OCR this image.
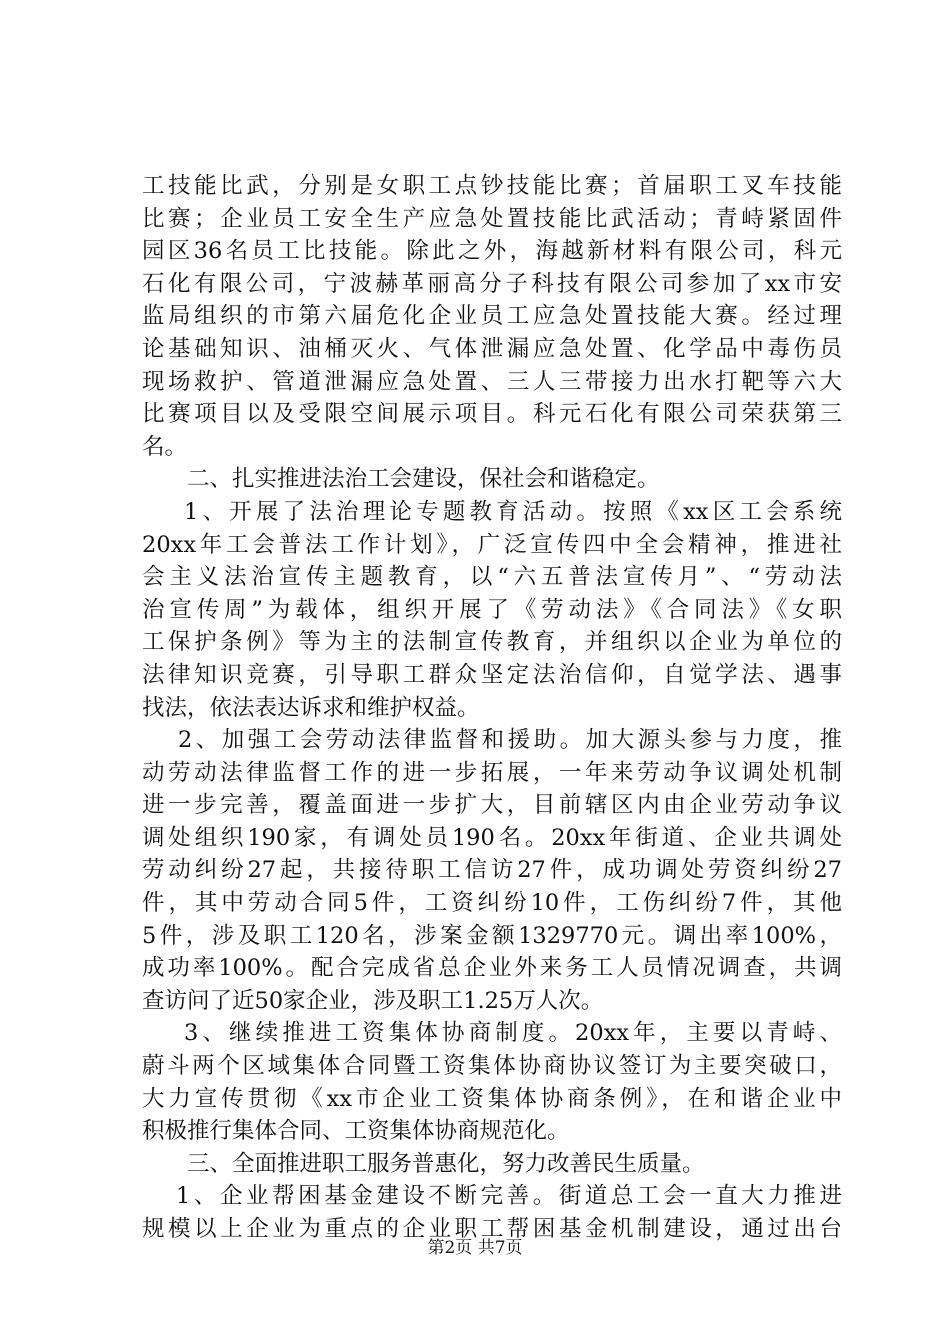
工技能比武，分别是女职工点钞技能比赛；首届职工叉车技能
比赛；企业员工安全生产应急处置技能比武活动；青峙紧固件
园区36名员工比技能。除此之外，海越新材料有限公司，科元
石化有限公司，宁波赫革丽高分子科技有限公司参加了xx市安
监局组织的市第六届危化企业员工应急处置技能大赛。经过理
论基础知识、油桶灭火、气体泄漏应急处置、化学品中毒伤员
现场救护、管道泄漏应急处置、三人三带接力出水打靶等六大
比赛项目以及受限空间展示项目。科元石化有限公司荣获第三
名。
二、扎实推进法治工会建设，保社会和谐稳定。
1、开展了法治理论专题教育活动。按照《xx区工会系统
20xx年工会普法工作计划》，广泛宣传四中全会精神，推进社
会主义法治宣传主题教育，以“六五普法宣传月”、“劳动法
治宣传周”为载体，组织开展了《劳动法》《合同法》《女职
工保护条例》等为主的法制宣传教育，并组织以企业为单位的
法律知识竞赛，引导职工群众坚定法治信仰，自觉学法、遇事
找法，依法表达诉求和维护权益。
2、加强工会劳动法律监督和援助。加大源头参与力度，推
动劳动法律监督工作的进一步拓展，一年来劳动争议调处机制
进一步完善，覆盖面进一步扩大，目前辖区内由企业劳动争议
调处组织190家，有调处员190名。20xx年街道、企业共调处
劳动纠纷27起，共接待职工信访27件，成功调处劳资纠纷27
件，其中劳动合同5件，工资纠纷10件，工伤纠纷7件，其他
5件，涉及职工120名，涉案金额1329770元。调出率100%，
成功率100%。配合完成省总企业外来务工人员情况调查，共调
查访问了近50家企业，涉及职工1.25万人次。
3、继续推进工资集体协商制度。20xx年，主要以青峙、
蔚斗两个区域集体合同暨工资集体协商协议签订为主要突破口，
大力宣传贯彻《xx市企业工资集体协商条例》，在和谐企业中
积极推行集体合同、工资集体协商规范化。
三、全面推进职工服务普惠化，努力改善民生质量。
1、企业帮困基金建设不断完善。街道总工会一直大力推进
规模以上企业为重点的企业职工帮困基金机制建设，通过出台
第2页 共7页
